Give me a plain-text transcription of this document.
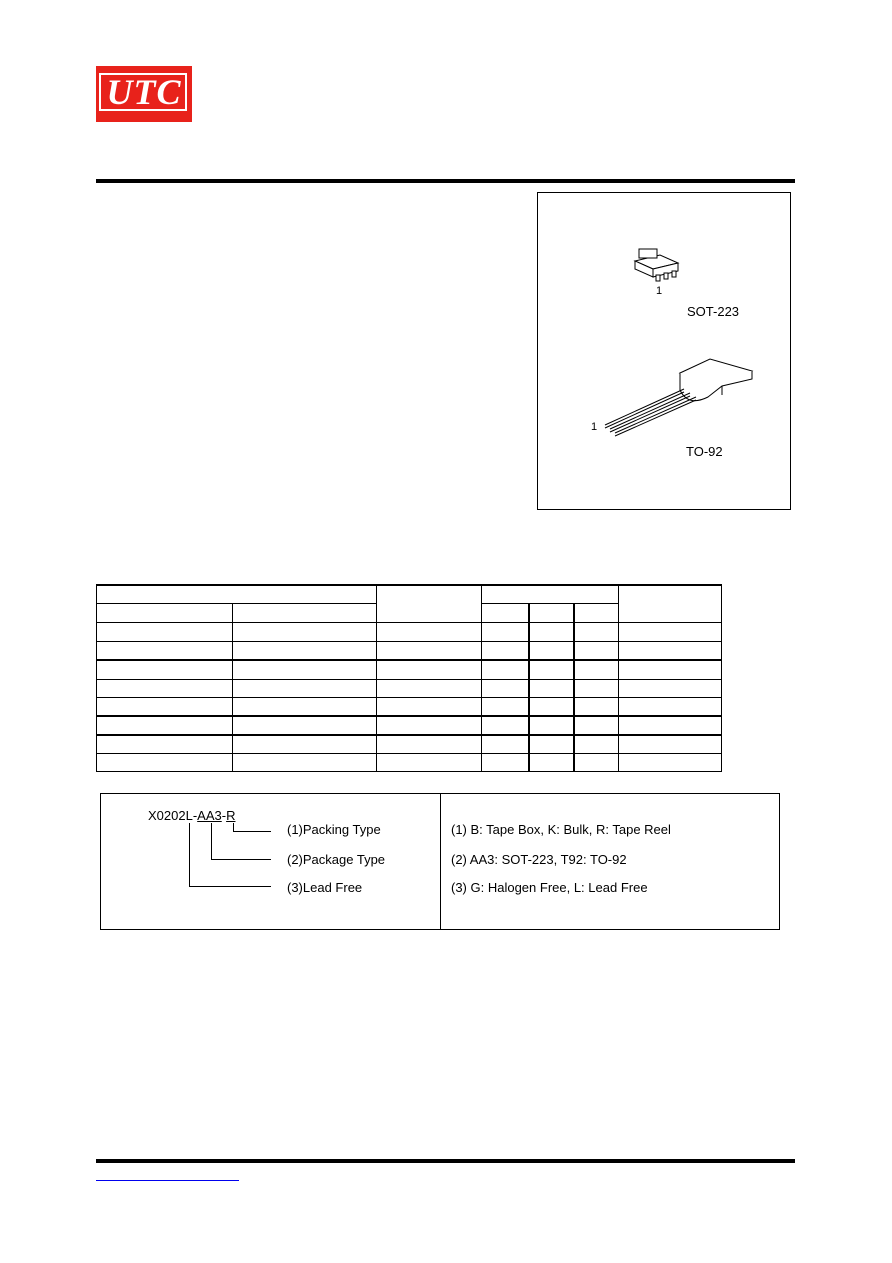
UTC
1
SOT-223
1
TO-92
X0202L-AA3-R
(1)Packing Type
(2)Package Type
(3)Lead Free
(1) B: Tape Box, K: Bulk, R: Tape Reel
(2) AA3: SOT-223, T92: TO-92
(3) G: Halogen Free, L: Lead Free
